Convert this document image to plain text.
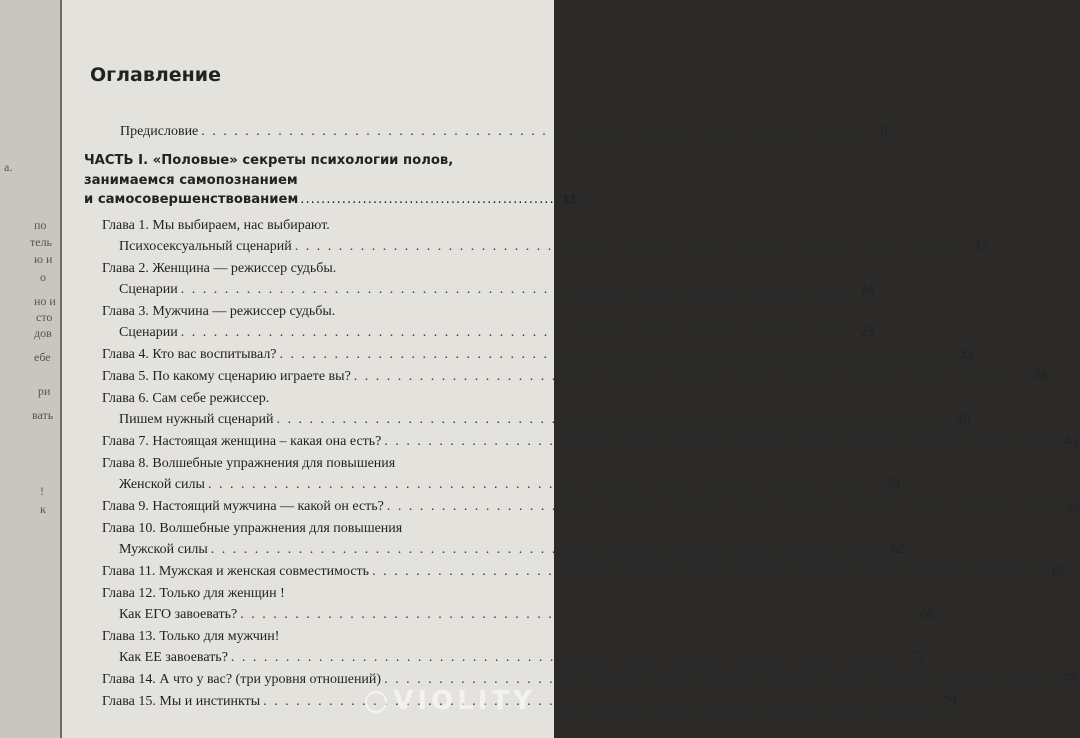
а.
по
тель
ю и
о
но и
сто
дов
ебе
ри
вать
!
к
Оглавление
Предисловие . . .	8
ЧАСТЬ I. «Половые» секреты психологии полов,
занимаемся самопознанием
и самосовершенствованием .................................................. 11
Глава 1. Мы выбираем, нас выбирают.
Психосексуальный сценарий . . .	12
Глава 2. Женщина — режиссер судьбы.
Сценарии . . .	14
Глава 3. Мужчина — режиссер судьбы.
Сценарии . . .	23
Глава 4. Кто вас воспитывал? . . .	33
Глава 5. По какому сценарию играете вы? . . .	34
Глава 6. Сам себе режиссер.
Пишем нужный сценарий . . .	40
Глава 7. Настоящая женщина – какая она есть? . . .	43
Глава 8. Волшебные упражнения для повышения
Женской силы . . .	51
Глава 9. Настоящий мужчина — какой он есть? . . .	55
Глава 10. Волшебные упражнения для повышения
Мужской силы . . .	62
Глава 11. Мужская и женская совместимость . . .	65
Глава 12. Только для женщин !
Как ЕГО завоевать? . . .	66
Глава 13. Только для мужчин!
Как ЕЕ завоевать? . . .	72
Глава 14. А что у вас? (три уровня отношений) . . .	75
Глава 15. Мы и инстинкты . . .	79
VIOLITY
